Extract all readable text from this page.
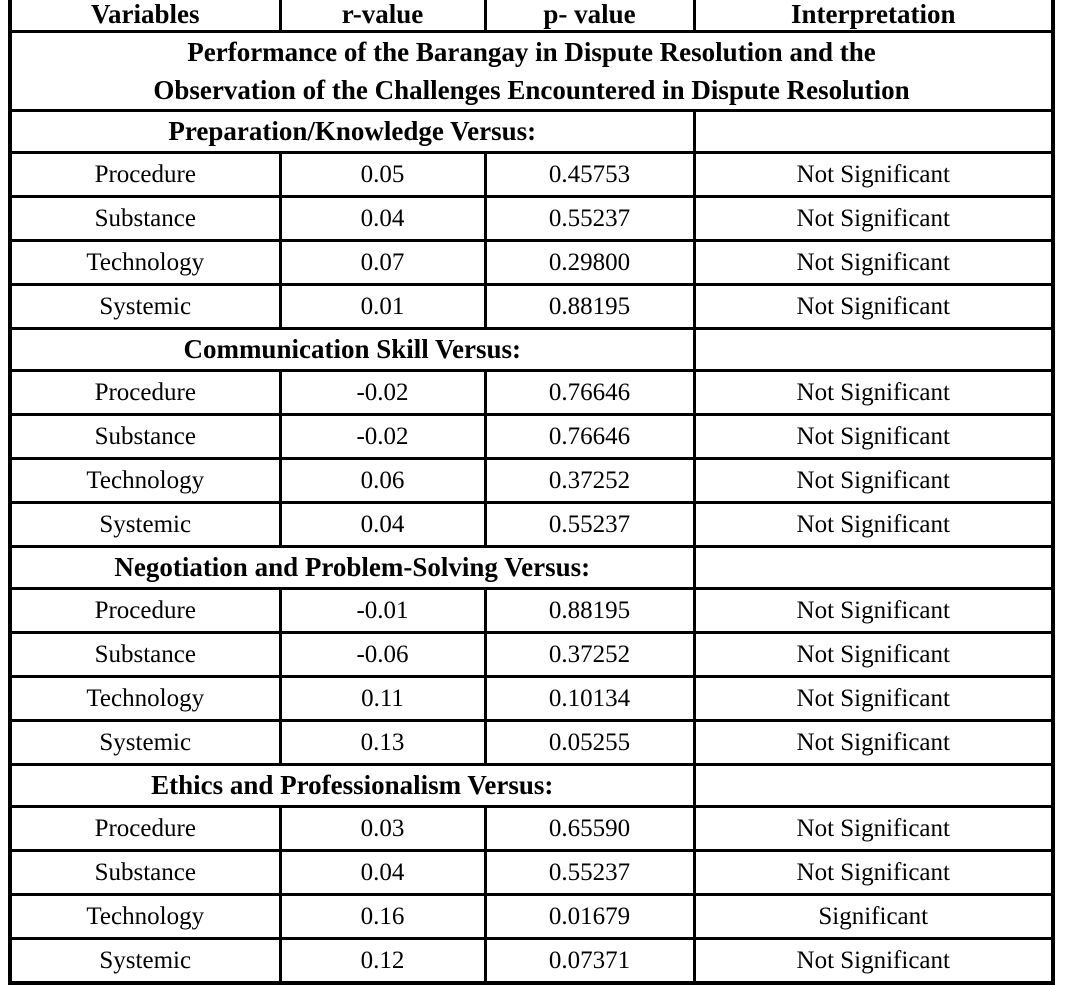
Variables	r-value	p- value	Interpretation

Performance of the Barangay in Dispute Resolution and the
Observation of the Challenges Encountered in Dispute Resolution			

Preparation/Knowledge Versus:			
Procedure	0.05	0.45753	Not Significant
Substance	0.04	0.55237	Not Significant
Technology	0.07	0.29800	Not Significant
Systemic	0.01	0.88195	Not Significant
Communication Skill Versus:			
Procedure	-0.02	0.76646	Not Significant
Substance	-0.02	0.76646	Not Significant
Technology	0.06	0.37252	Not Significant
Systemic	0.04	0.55237	Not Significant
Negotiation and Problem-Solving Versus:			
Procedure	-0.01	0.88195	Not Significant
Substance	-0.06	0.37252	Not Significant
Technology	0.11	0.10134	Not Significant
Systemic	0.13	0.05255	Not Significant
Ethics and Professionalism Versus:			
Procedure	0.03	0.65590	Not Significant
Substance	0.04	0.55237	Not Significant
Technology	0.16	0.01679	Significant
Systemic	0.12	0.07371	Not Significant
